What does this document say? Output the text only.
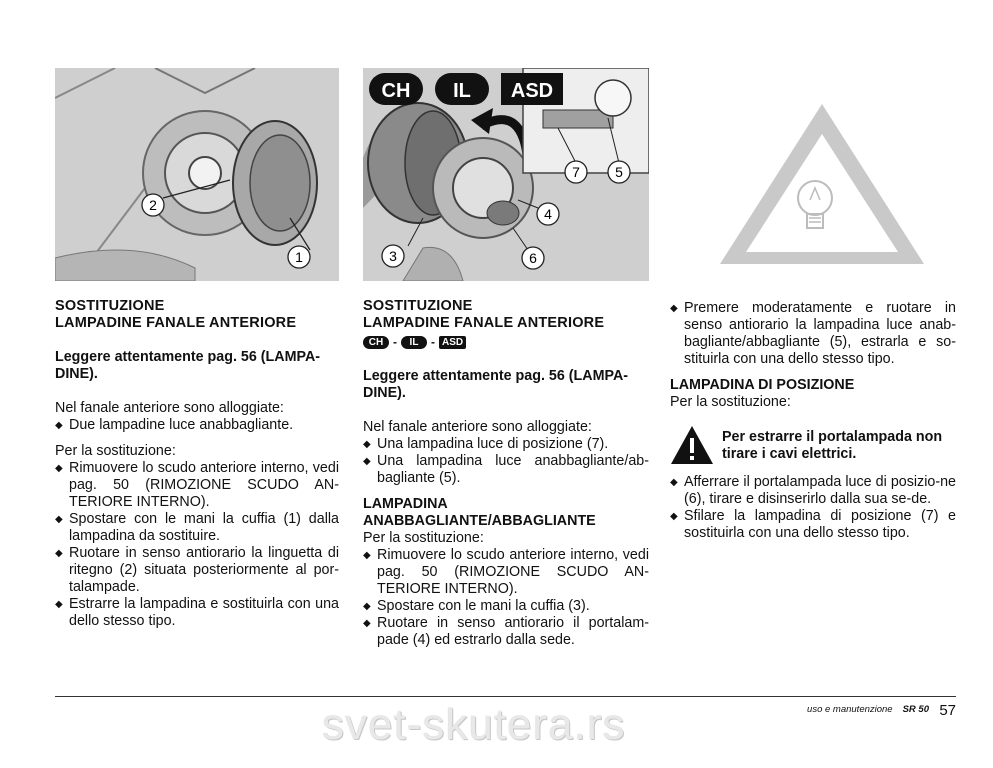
2
1
CH IL ASD
7	5
4
3	6
SOSTITUZIONE
LAMPADINE FANALE ANTERIORE
Leggere attentamente pag. 56 (LAMPA-DINE).
Nel fanale anteriore sono alloggiate:
◆ Due lampadine luce anabbagliante.
Per la sostituzione:
◆ Rimuovere lo scudo anteriore interno, vedi pag. 50 (RIMOZIONE SCUDO AN-TERIORE INTERNO).
◆ Spostare con le mani la cuffia (1) dalla lampadina da sostituire.
◆ Ruotare in senso antiorario la linguetta di ritegno (2) situata posteriormente al por-talampade.
◆ Estrarre la lampadina e sostituirla con una dello stesso tipo.
SOSTITUZIONE
LAMPADINE FANALE ANTERIORE
CH -	IL	- ASD
Leggere attentamente pag. 56 (LAMPA-DINE).
Nel fanale anteriore sono alloggiate:
◆ Una lampadina luce di posizione (7).
◆ Una lampadina luce anabbagliante/ab-bagliante (5).
LAMPADINA
ANABBAGLIANTE/ABBAGLIANTE
Per la sostituzione:
◆ Rimuovere lo scudo anteriore interno, vedi pag. 50 (RIMOZIONE SCUDO AN-TERIORE INTERNO).
◆ Spostare con le mani la cuffia (3).
◆ Ruotare in senso antiorario il portalam-pade (4) ed estrarlo dalla sede.
◆ Premere moderatamente e ruotare in senso antiorario la lampadina luce anab-bagliante/abbagliante (5), estrarla e so-stituirla con una dello stesso tipo.
LAMPADINA DI POSIZIONE
Per la sostituzione:
Per estrarre il portalampada non tirare i cavi elettrici.
◆ Afferrare il portalampada luce di posizio-ne (6), tirare e disinserirlo dalla sua se-de.
◆ Sfilare la lampadina di posizione (7) e sostituirla con una dello stesso tipo.
svet-skutera.rs	uso e manutenzione SR 50 57
